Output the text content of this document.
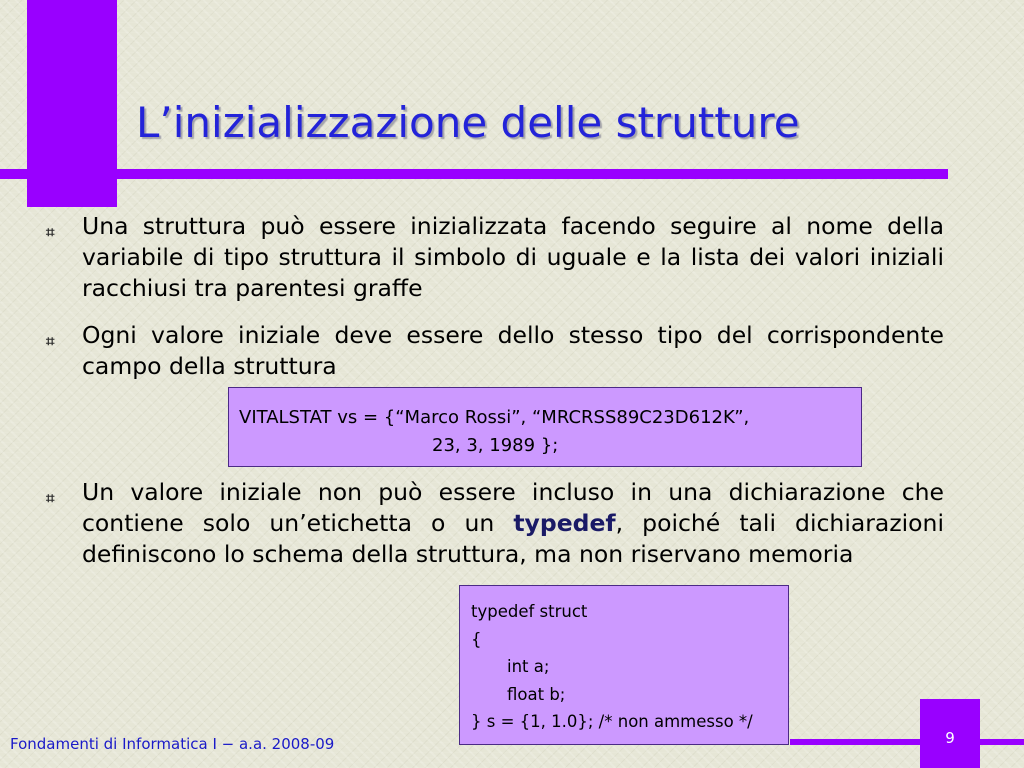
L’inizializzazione delle strutture
⌗ Una struttura può essere inizializzata facendo seguire al nome della variabile di tipo struttura il simbolo di uguale e la lista dei valori iniziali racchiusi tra parentesi graffe
⌗ Ogni valore iniziale deve essere dello stesso tipo del corrispondente campo della struttura
VITALSTAT vs = {“Marco Rossi”, “MRCRSS89C23D612K”,
23, 3, 1989 };
⌗ Un valore iniziale non può essere incluso in una dichiarazione che contiene solo un’etichetta o un typedef, poiché tali dichiarazioni definiscono lo schema della struttura, ma non riservano memoria
typedef struct
{
int a;
float b;
} s = {1, 1.0}; /* non ammesso */
Fondamenti di Informatica I − a.a. 2008-09	9
